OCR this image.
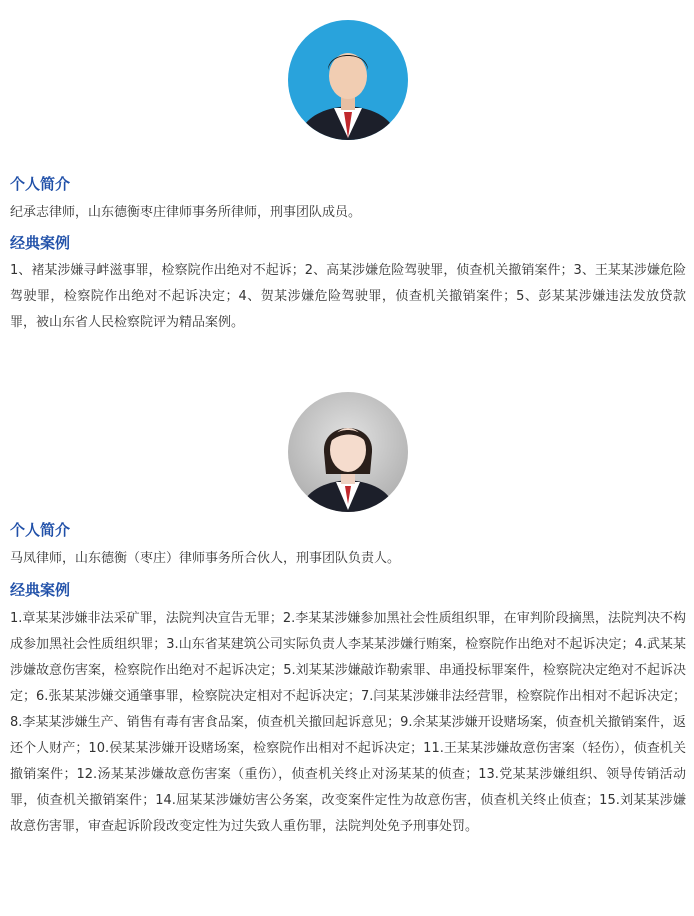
个人简介
纪承志律师，山东德衡枣庄律师事务所律师，刑事团队成员。
经典案例
1、褚某涉嫌寻衅滋事罪，检察院作出绝对不起诉；2、高某涉嫌危险驾驶罪，侦查机关撤销案件；3、王某某涉嫌危险驾驶罪，检察院作出绝对不起诉决定；4、贺某涉嫌危险驾驶罪，侦查机关撤销案件；5、彭某某涉嫌违法发放贷款罪，被山东省人民检察院评为精品案例。
个人简介
马凤律师，山东德衡（枣庄）律师事务所合伙人，刑事团队负责人。
经典案例
1.章某某涉嫌非法采矿罪，法院判决宣告无罪；2.李某某涉嫌参加黑社会性质组织罪，在审判阶段摘黑，法院判决不构成参加黑社会性质组织罪；3.山东省某建筑公司实际负责人李某某涉嫌行贿案，检察院作出绝对不起诉决定；4.武某某涉嫌故意伤害案，检察院作出绝对不起诉决定；5.刘某某涉嫌敲诈勒索罪、串通投标罪案件，检察院决定绝对不起诉决定；6.张某某涉嫌交通肇事罪，检察院决定相对不起诉决定；7.闫某某涉嫌非法经营罪，检察院作出相对不起诉决定；8.李某某涉嫌生产、销售有毒有害食品案，侦查机关撤回起诉意见；9.余某某涉嫌开设赌场案，侦查机关撤销案件，返还个人财产；10.侯某某涉嫌开设赌场案，检察院作出相对不起诉决定；11.王某某涉嫌故意伤害案（轻伤），侦查机关撤销案件；12.汤某某涉嫌故意伤害案（重伤），侦查机关终止对汤某某的侦查；13.党某某涉嫌组织、领导传销活动罪，侦查机关撤销案件；14.屈某某涉嫌妨害公务案，改变案件定性为故意伤害，侦查机关终止侦查；15.刘某某涉嫌故意伤害罪，审查起诉阶段改变定性为过失致人重伤罪，法院判处免予刑事处罚。
